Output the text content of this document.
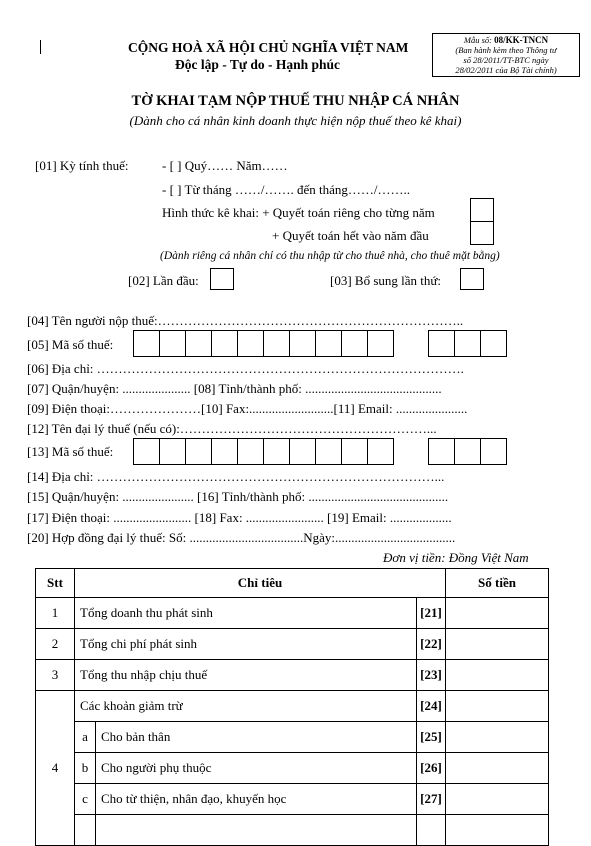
CỘNG HOÀ XÃ HỘI CHỦ NGHĨA VIỆT NAM
Độc lập - Tự do - Hạnh phúc
Mẫu số: 08/KK-TNCN
(Ban hành kèm theo Thông tư
số 28/2011/TT-BTC ngày
28/02/2011 của Bộ Tài chính)
TỜ KHAI TẠM NỘP THUẾ THU NHẬP CÁ NHÂN
(Dành cho cá nhân kinh doanh thực hiện nộp thuế theo kê khai)
[01] Kỳ tính thuế:	- [ ] Quý…… Năm……
- [ ] Từ tháng ……/……. đến tháng……/……..
Hình thức kê khai: + Quyết toán riêng cho từng năm
+ Quyết toán hết vào năm đầu
(Dành riêng cá nhân chỉ có thu nhập từ cho thuê nhà, cho thuê mặt bằng)
[02] Lần đầu:	[03] Bổ sung lần thứ:
[04] Tên người nộp thuế:……………………………………………………………..
[05] Mã số thuế:
[06] Địa chỉ: ………………………………………………………………………….
[07] Quận/huyện: ..................... [08] Tỉnh/thành phố: ..........................................
[09] Điện thoại:…………………[10] Fax:..........................[11] Email: ......................
[12] Tên đại lý thuế (nếu có):…………………………………………………...
[13] Mã số thuế:
[14] Địa chỉ: ……………………………………………………………………...
[15] Quận/huyện: ...................... [16] Tỉnh/thành phố: ...........................................
[17] Điện thoại: ........................ [18] Fax: ........................ [19] Email: ...................
[20] Hợp đồng đại lý thuế: Số: ...................................Ngày:.....................................
Đơn vị tiền: Đồng Việt Nam
Stt	Chỉ tiêu			Số tiền
1	Tổng doanh thu phát sinh		[21]	
2	Tổng chi phí phát sinh		[22]	
3	Tổng thu nhập chịu thuế		[23]	
4	Các khoản giảm trừ		[24]	
	a	Cho bản thân	[25]	
	b	Cho người phụ thuộc	[26]	
	c	Cho từ thiện, nhân đạo, khuyến học	[27]	
